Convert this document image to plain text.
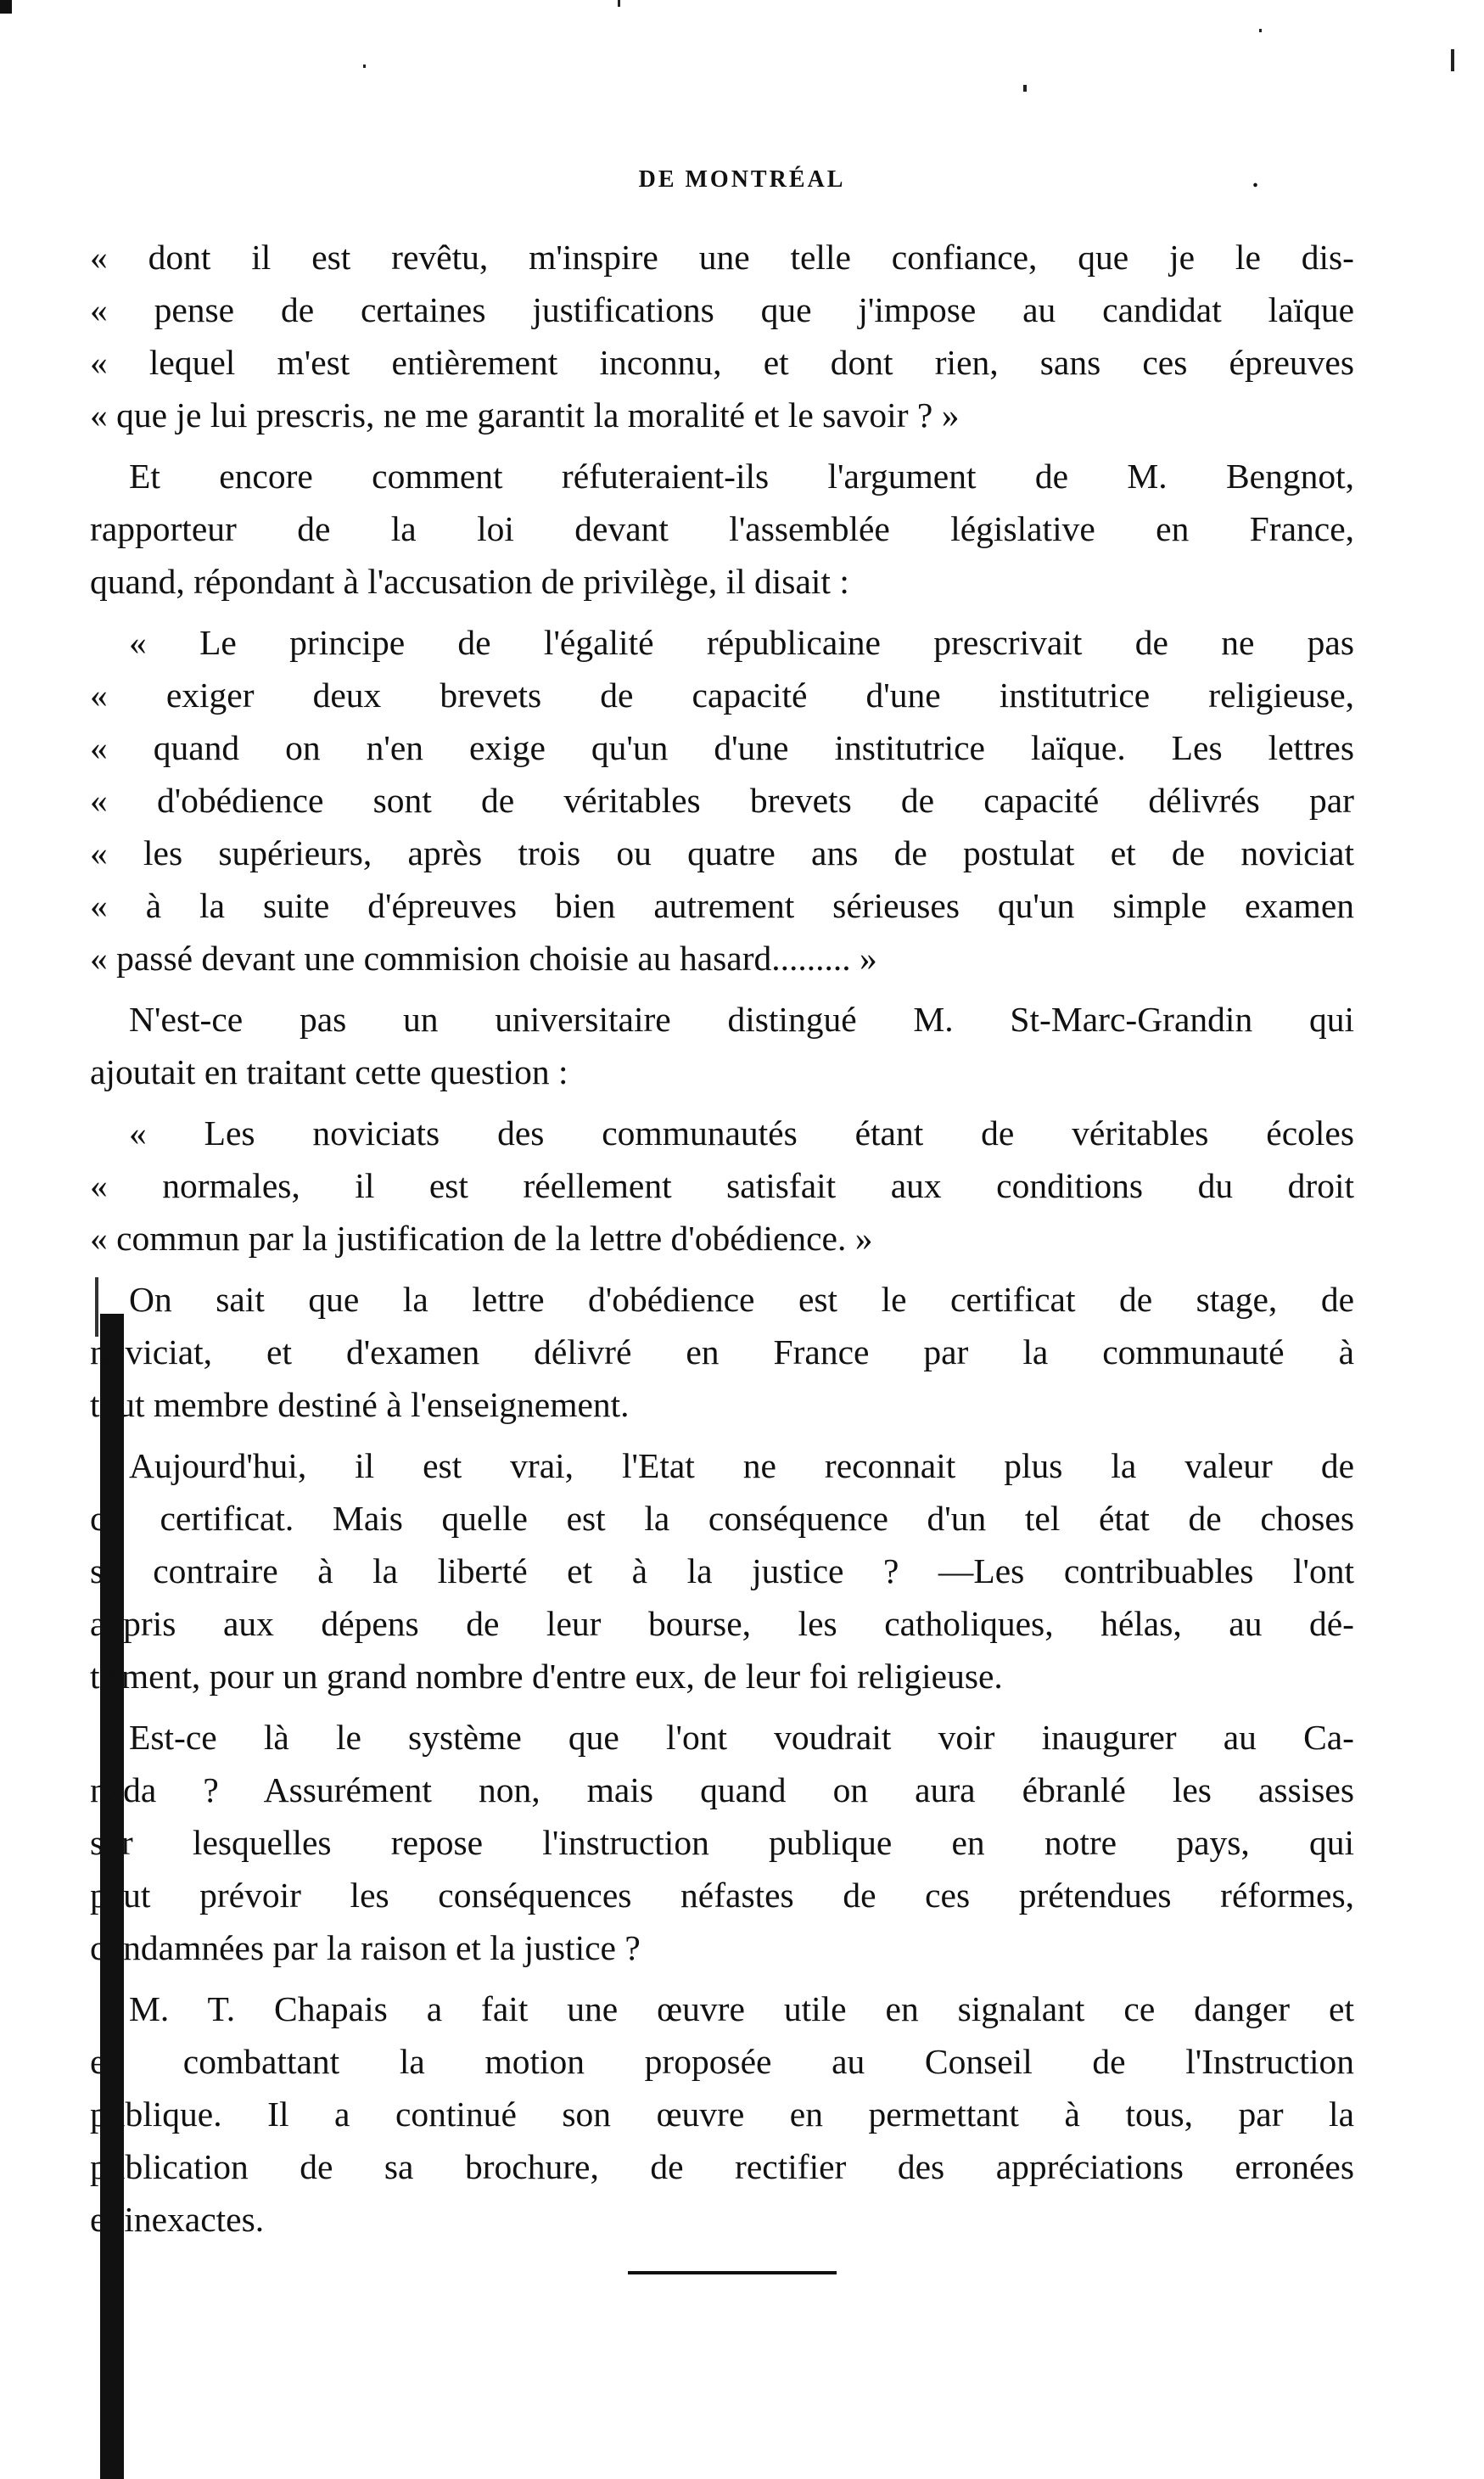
DE MONTRÉAL	.
« dont il est revêtu, m'inspire une telle confiance, que je le dis-
« pense de certaines justifications que j'impose au candidat laïque
« lequel m'est entièrement inconnu, et dont rien, sans ces épreuves
« que je lui prescris, ne me garantit la moralité et le savoir ? »
Et encore comment réfuteraient-ils l'argument de M. Bengnot,
rapporteur de la loi devant l'assemblée législative en France,
quand, répondant à l'accusation de privilège, il disait :
« Le principe de l'égalité républicaine prescrivait de ne pas
« exiger deux brevets de capacité d'une institutrice religieuse,
« quand on n'en exige qu'un d'une institutrice laïque. Les lettres
« d'obédience sont de véritables brevets de capacité délivrés par
« les supérieurs, après trois ou quatre ans de postulat et de noviciat
« à la suite d'épreuves bien autrement sérieuses qu'un simple examen
« passé devant une commision choisie au hasard......... »
N'est-ce pas un universitaire distingué M. St-Marc-Grandin qui
ajoutait en traitant cette question :
« Les noviciats des communautés étant de véritables écoles
« normales, il est réellement satisfait aux conditions du droit
« commun par la justification de la lettre d'obédience. »
On sait que la lettre d'obédience est le certificat de stage, de
noviciat, et d'examen délivré en France par la communauté à
tout membre destiné à l'enseignement.
Aujourd'hui, il est vrai, l'Etat ne reconnait plus la valeur de
ce certificat. Mais quelle est la conséquence d'un tel état de choses
si contraire à la liberté et à la justice ? —Les contribuables l'ont
appris aux dépens de leur bourse, les catholiques, hélas, au dé-
triment, pour un grand nombre d'entre eux, de leur foi religieuse.
Est-ce là le système que l'ont voudrait voir inaugurer au Ca-
nada ? Assurément non, mais quand on aura ébranlé les assises
sur lesquelles repose l'instruction publique en notre pays, qui
peut prévoir les conséquences néfastes de ces prétendues réformes,
condamnées par la raison et la justice ?
M. T. Chapais a fait une œuvre utile en signalant ce danger et
en combattant la motion proposée au Conseil de l'Instruction
publique. Il a continué son œuvre en permettant à tous, par la
publication de sa brochure, de rectifier des appréciations erronées
et inexactes.
